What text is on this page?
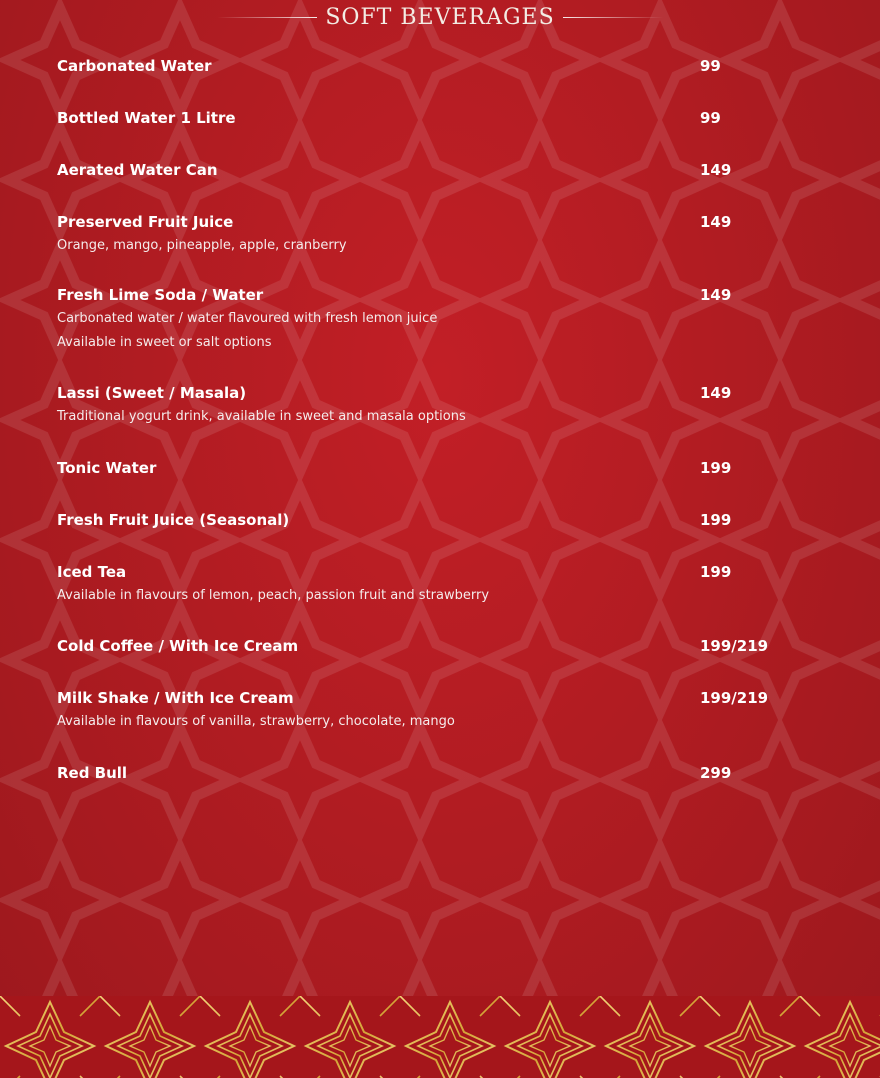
SOFT BEVERAGES
Carbonated Water	99
Bottled Water 1 Litre	99
Aerated Water Can	149
Preserved Fruit Juice	149
Orange, mango, pineapple, apple, cranberry
Fresh Lime Soda / Water	149
Carbonated water / water flavoured with fresh lemon juice
Available in sweet or salt options
Lassi (Sweet / Masala)	149
Traditional yogurt drink, available in sweet and masala options
Tonic Water	199
Fresh Fruit Juice (Seasonal)	199
Iced Tea	199
Available in flavours of lemon, peach, passion fruit and strawberry
Cold Coffee / With Ice Cream	199/219
Milk Shake / With Ice Cream	199/219
Available in flavours of vanilla, strawberry, chocolate, mango
Red Bull	299
